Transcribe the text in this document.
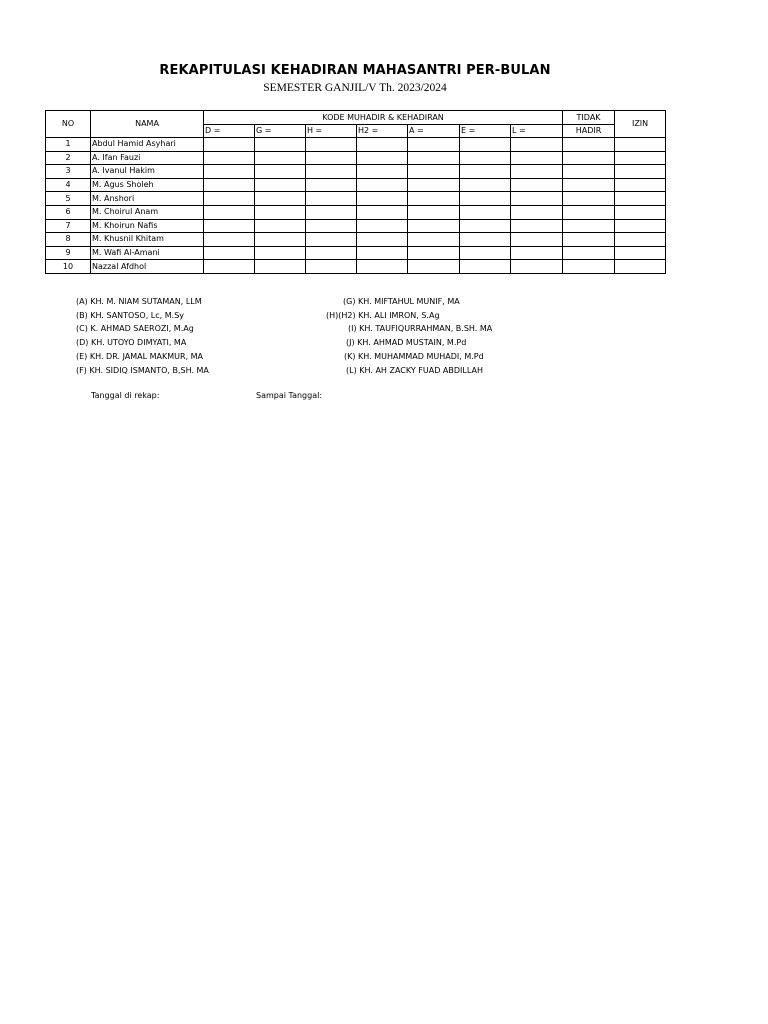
REKAPITULASI KEHADIRAN MAHASANTRI PER-BULAN
SEMESTER GANJIL/V Th. 2023/2024
NO	NAMA	KODE MUHADIR & KEHADIRAN							TIDAK	IZIN
		D =	G =	H =	H2 =	A =	E =	L =	HADIR	
1	Abdul Hamid Asyhari									
2	A. Ifan Fauzi									
3	A. Ivanul Hakim									
4	M. Agus Sholeh									
5	M. Anshori									
6	M. Choirul Anam									
7	M. Khoirun Nafis									
8	M. Khusnil Khitam									
9	M. Wafi Al-Amani									
10	Nazzal Afdhol									
(A) KH. M. NIAM SUTAMAN, LLM
(B) KH. SANTOSO, Lc, M.Sy
(C) K. AHMAD SAEROZI, M.Ag
(D) KH. UTOYO DIMYATI, MA
(E) KH. DR. JAMAL MAKMUR, MA
(F) KH. SIDIQ ISMANTO, B,SH. MA
(G) KH. MIFTAHUL MUNIF, MA
(H)(H2) KH. ALI IMRON, S.Ag
(I) KH. TAUFIQURRAHMAN, B.SH. MA
(J) KH. AHMAD MUSTAIN, M.Pd
(K) KH. MUHAMMAD MUHADI, M.Pd
(L) KH. AH ZACKY FUAD ABDILLAH
Tanggal di rekap:	Sampai Tanggal:
